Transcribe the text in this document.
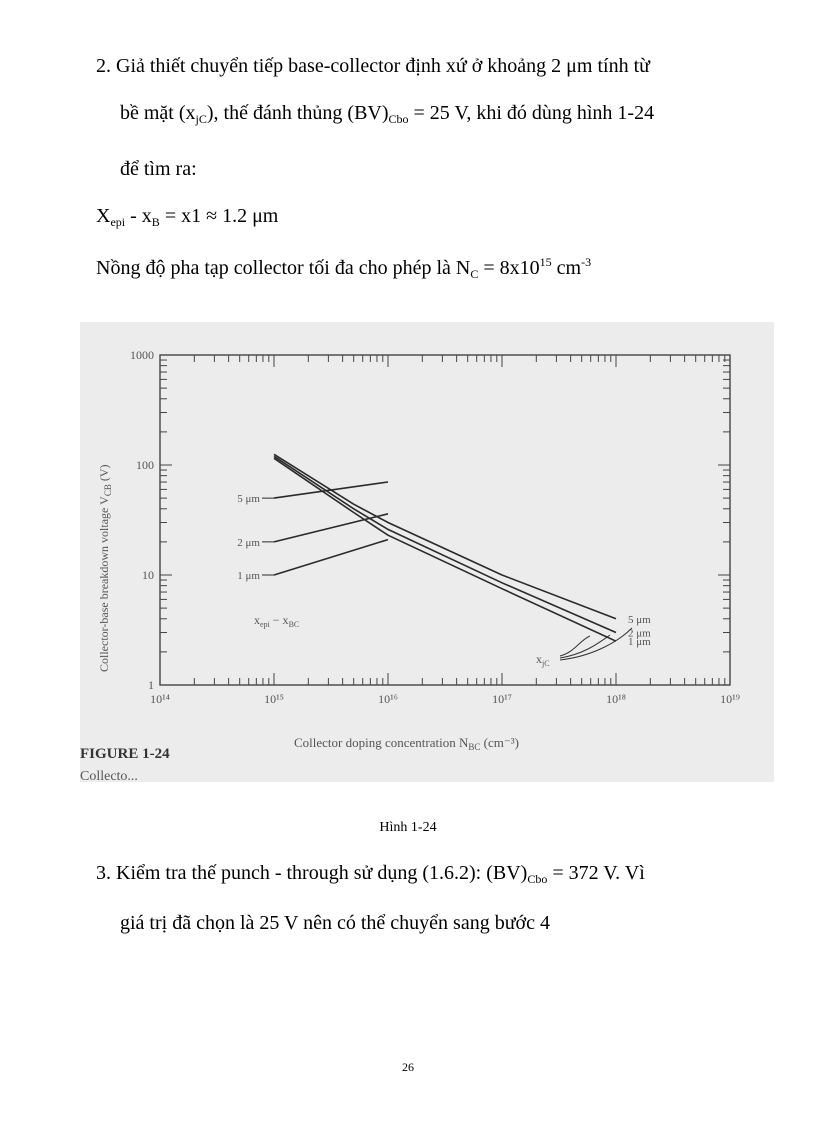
2. Giả thiết chuyển tiếp base-collector định xứ ở khoảng 2 μm tính từ
bề mặt $(x_{jC})$, thế đánh thủng $(BV)_{Cbo} = 25$ V, khi đó dùng hình 1-24
để tìm ra:
$X_{epi} - x_B = x1 \approx 1.2$ μm
Nồng độ pha tạp collector tối đa cho phép là $N_C = 8x10^{15}$ $cm^{-3}$
5 μm
2 μm
1 μm
5 μm
2 μm
1 μm
10¹⁴	10¹⁵	10¹⁶	10¹⁷	10¹⁸	10¹⁹
1
10
100
1000
Collector-base breakdown voltage $V_{CB}$ (V)
Collector doping concentration $N_{BC}$ (cm⁻³)
$x_{epi} - x_{BC}$
$x_{jC}$
FIGURE 1-24
Collecto...
Hình 1-24
3. Kiểm tra thế punch - through sử dụng (1.6.2): $(BV)_{Cbo} = 372$ V. Vì
giá trị đã chọn là 25 V nên có thể chuyển sang bước 4
26
